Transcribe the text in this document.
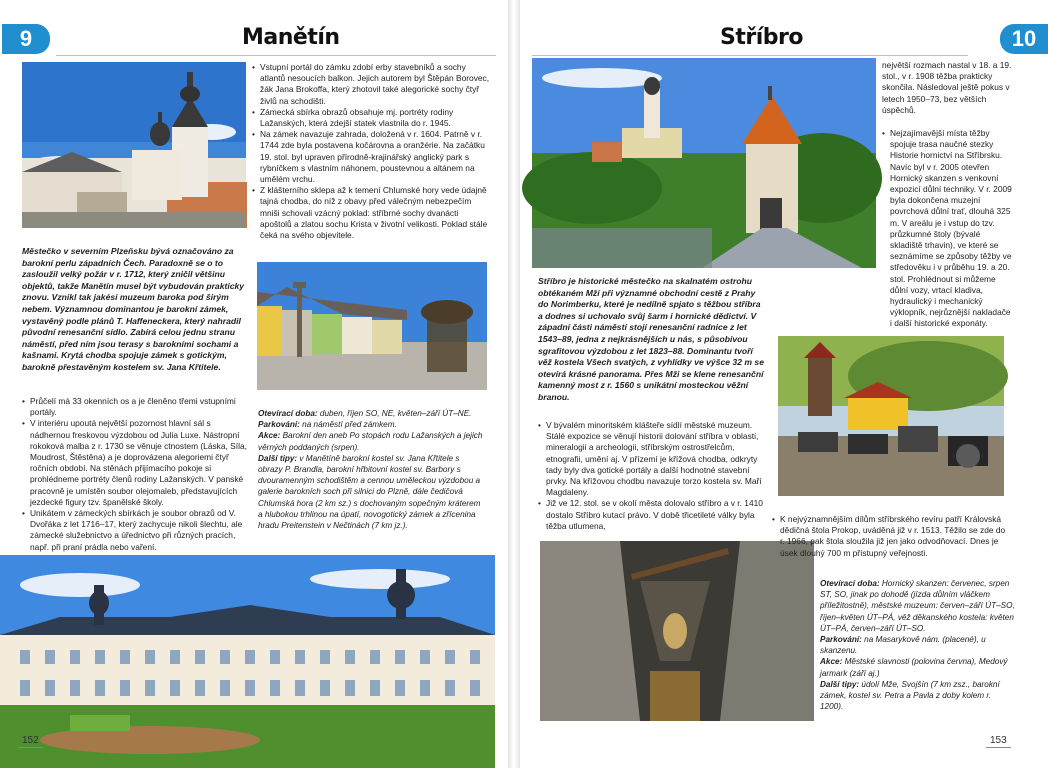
9	Manětín
• Vstupní portál do zámku zdobí erby stavebníků a sochy atlantů nesoucích balkon. Jejich autorem byl Štěpán Borovec, žák Jana Brokoffa, který zhotovil také alegorické sochy čtyř živlů na schodišti.
• Zámecká sbírka obrazů obsahuje mj. portréty rodiny Lažanských, která zdejší statek vlastnila do r. 1945.
• Na zámek navazuje zahrada, doložená v r. 1604. Patrně v r. 1744 zde byla postavena kočárovna a oranžérie. Na začátku 19. stol. byl upraven přírodně-krajinářský anglický park s rybníčkem s vlastním náhonem, poustevnou a altánem na umělém vrchu.
• Z klášterního sklepa až k temení Chlumské hory vede údajně tajná chodba, do níž z obavy před válečným nebezpečím mniši schovali vzácný poklad: stříbrné sochy dvanácti apoštolů a zlatou sochu Krista v životní velikosti. Poklad stále čeká na svého objevitele.
Městečko v severním Plzeňsku bývá označováno za barokní perlu západních Čech. Paradoxně se o to zasloužil velký požár v r. 1712, který zničil většinu objektů, takže Manětín musel být vybudován prakticky znovu. Vznikl tak jakési muzeum baroka pod širým nebem. Významnou dominantou je barokní zámek, vystavěný podle plánů T. Haffeneckera, který nahradil původní renesanční sídlo. Zabírá celou jednu stranu náměstí, před ním jsou terasy s barokními sochami a kašnami. Krytá chodba spojuje zámek s gotickým, barokně přestavěným kostelem sv. Jana Křtitele.
• Průčelí má 33 okenních os a je členěno třemi vstupními portály.
• V interiéru upoutá největší pozornost hlavní sál s nádhernou freskovou výzdobou od Julia Luxe. Nástropní rokoková malba z r. 1730 se věnuje ctnostem (Láska, Síla, Moudrost, Štěstěna) a je doprovázena alegoriemi čtyř ročních období. Na stěnách přijímacího pokoje si prohlédneme portréty členů rodiny Lažanských. V panské pracovně je umístěn soubor olejomaleb, představujících jezdecké figury tzv. španělské školy.
• Unikátem v zámeckých sbírkách je soubor obrazů od V. Dvořáka z let 1716–17, který zachycuje nikoli šlechtu, ale zámecké služebnictvo a úřednictvo při různých pracích, např. při praní prádla nebo vaření.

Otevírací doba: duben, říjen SO, NE, květen–září ÚT–NE.

Parkování: na náměstí před zámkem.

Akce: Barokní den aneb Po stopách rodu Lažanských a jejich věrných poddaných (srpen).

Další tipy: v Manětíně barokní kostel sv. Jana Křtitele s obrazy P. Brandla, barokní hřbitovní kostel sv. Barbory s dvouramenným schodištěm a cennou uměleckou výzdobou a galerie barokních soch při silnici do Plzně, dále čedičová Chlumská hora (2 km sz.) s dochovaným sopečným kráterem a hlubokou trhlinou na úpatí, novogotický zámek a zřícenina hradu Preitenstein v Nečtinách (7 km jz.).

152
Stříbro
největší rozmach nastal v 18. a 19. stol., v r. 1908 těžba prakticky skončila. Následoval ještě pokus v letech 1950–73, bez větších úspěchů.
• Nejzajímavější místa těžby spojuje trasa naučné stezky Historie hornictví na Stříbrsku. Navíc byl v r. 2005 otevřen Hornický skanzen s venkovní expozicí důlní techniky. V r. 2009 byla dokončena muzejní povrchová důlní trať, dlouhá 325 m. V areálu je i vstup do tzv. průzkumné štoly (bývalé skladiště trhavin), ve které se seznámíme se způsoby těžby ve středověku i v průběhu 19. a 20. stol. Prohlédnout si můžeme důlní vozy, vrtací kladiva, hydraulický i mechanický výklopník, nejrůznější nakladače i další historické exponáty.
Stříbro je historické městečko na skalnatém ostrohu obtékaném Mží při významné obchodní cestě z Prahy do Norimberku, které je nedílně spjato s těžbou stříbra a dodnes si uchovalo svůj šarm i hornické dědictví. V západní části náměstí stojí renesanční radnice z let 1543–89, jedna z nejkrásnějších u nás, s působivou sgrafitovou výzdobou z let 1823–88. Dominantu tvoří věž kostela Všech svatých, z vyhlídky ve výšce 32 m se otevírá krásné panorama. Přes Mži se klene renesanční kamenný most z r. 1560 s unikátní mosteckou věžní branou.
• V bývalém minoritském klášteře sídlí městské muzeum. Stálé expozice se věnují historii dolování stříbra v oblasti, mineralogii a archeologii, stříbrským ostrostřelcům, etnografii, umění aj. V přízemí je křížová chodba, odkryty tady byly dva gotické portály a další hodnotné stavební prvky. Na křížovou chodbu navazuje torzo kostela sv. Maří Magdaleny.
• Již ve 12. stol. se v okolí města dolovalo stříbro a v r. 1410 dostalo Stříbro kutací právo. V době třicetileté války byla těžba utlumena,
• K nejvýznamnějším dílům stříbrského revíru patří Královská dědičná štola Prokop, uváděná již v r. 1513. Těžilo se zde do r. 1966, pak štola sloužila již jen jako odvodňovací. Dnes je úsek dlouhý 700 m přístupný veřejnosti.

Otevírací doba: Hornický skanzen: červenec, srpen ST, SO, jinak po dohodě (jízda důlním vláčkem příležitostně), městské muzeum: červen–září ÚT–SO, říjen–květen ÚT–PÁ, věž děkanského kostela: květen ÚT–PÁ, červen–září ÚT–SO.

Parkování: na Masarykově nám. (placené), u skanzenu.

Akce: Městské slavnosti (polovina června), Medový jarmark (září aj.)

Další tipy: údolí Mže, Svojšín (7 km zsz., barokní zámek, kostel sv. Petra a Pavla z doby kolem r. 1200).

153
10
